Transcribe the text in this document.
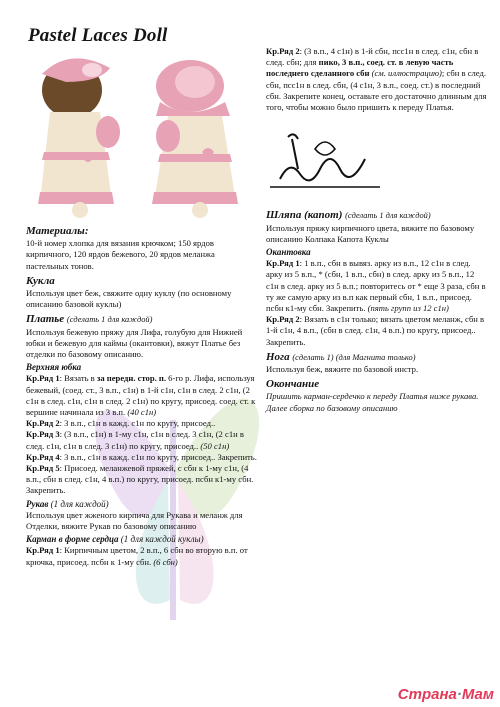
Pastel Laces Doll
Материалы:

10-й номер хлопка для вязания крючком; 150 ярдов кирпичного, 120 ярдов бежевого, 20 ярдов меланжа пастельных тонов.

Кукла

Используя цвет беж, свяжите одну куклу (по основному описанию базовой куклы)

Платье (сделать 1 для каждой)

Используя бежевую пряжу для Лифа, голубую для Нижней юбки и бежевую для каймы (окантовки), вяжут Платье без отделки по базовому описанию.

Верхняя юбка

Кр.Ряд 1: Вязать в за передн. стор. п. 6-го р. Лифа, используя бежевый, (соед. ст., 3 в.п., с1н) в 1-й с1н, с1н в след. 2 с1н, (2 с1н в след. с1н, с1н в след. 2 с1н) по кругу, присоед. соед. ст. к вершине начинала из 3 в.п. (40 с1н)

Кр.Ряд 2: 3 в.п., с1н в кажд. с1н по кругу, присоед..

Кр.Ряд 3: (3 в.п., с1н) в 1-му с1н, с1н в след. 3 с1н, (2 с1н в след. с1н, с1н в след. 3 с1н) по кругу, присоед.. (50 с1н)

Кр.Ряд 4: 3 в.п., с1н в кажд. с1н по кругу, присоед.. Закрепить.

Кр.Ряд 5: Присоед. меланжевой пряжей, с сбн к 1-му с1н, (4 в.п., сбн в след. с1н, 4 в.п.) по кругу, присоед. псбн к1-му сбн. Закрепить.

Рукав (1 для каждой)

Используя цвет жженого кирпича для Рукава и меланж для Отделки, вяжите Рукав по базовому описанию

Карман в форме сердца (1 для каждой куклы)

Кр.Ряд 1: Кирпичным цветом, 2 в.п., 6 сбн во вторую в.п. от крючка, присоед. псбн к 1-му сбн. (6 сбн)

Кр.Ряд 2: (3 в.п., 4 с1н) в 1-й сбн, псс1н в след. с1н, сбн в след. сбн; для пико, 3 в.п., соед. ст. в левую часть последнего сделанного сбн (см. иллюстрацию); сбн в след. сбн, псс1н в след. сбн, (4 с1н, 3 в.п., соед. ст.) в последний сбн. Закрепите конец, оставьте его достаточно длинным для того, чтобы можно было пришить к переду Платья.

Шляпа (капот) (сделать 1 для каждой)

Используя пряжу кирпичного цвета, вяжите по базовому описанию Колпака Капота Куклы

Окантовка

Кр.Ряд 1: 1 в.п., сбн в вывяз. арку из в.п., 12 с1н в след. арку из 5 в.п., * (сбн, 1 в.п., сбн) в след. арку из 5 в.п., 12 с1н в след. арку из 5 в.п.; повторитесь от * еще 3 раза, сбн в ту же самую арку из в.п как первый сбн, 1 в.п., присоед. псбн к1-му сбн. Закрепить. (пять групп из 12 с1н)

Кр.Ряд 2: Вязать в с1н только; вязать цветом меланж, сбн в 1-й с1н, 4 в.п., (сбн в след. с1н, 4 в.п.) по кругу, присоед.. Закрепить.

Нога (сделать 1) (для Магнита только)

Используя беж, вяжите по базовой инстр.

Окончание

Пришить карман-сердечко к переду Платья ниже рукава. Далее сборка по базовому описанию

Страна·Мам
